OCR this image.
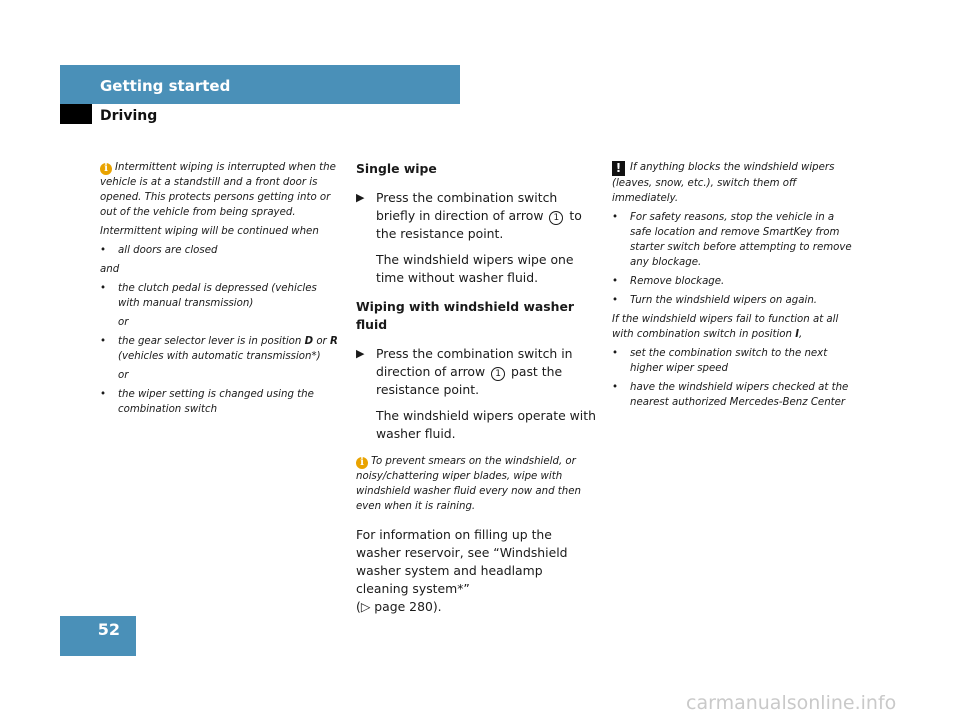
Getting started
Driving

i Intermittent wiping is interrupted when the vehicle is at a standstill and a front door is opened. This protects persons getting into or out of the vehicle from being sprayed.

Intermittent wiping will be continued when

• all doors are closed

and

• the clutch pedal is depressed (vehicles with manual transmission)
or
• the gear selector lever is in position D or R (vehicles with automatic transmission*)
or
• the wiper setting is changed using the combination switch
Single wipe
▶ Press the combination switch briefly in direction of arrow 1 to the resistance point.
The windshield wipers wipe one time without washer fluid.
Wiping with windshield washer fluid
▶ Press the combination switch in direction of arrow 1 past the resistance point.
The windshield wipers operate with washer fluid.
i To prevent smears on the windshield, or noisy/chattering wiper blades, wipe with windshield washer fluid every now and then even when it is raining.

For information on filling up the washer reservoir, see “Windshield washer system and headlamp cleaning system*”
(▷ page 280).

! If anything blocks the windshield wipers (leaves, snow, etc.), switch them off immediately.

• For safety reasons, stop the vehicle in a safe location and remove SmartKey from starter switch before attempting to remove any blockage.
• Remove blockage.
• Turn the windshield wipers on again.

If the windshield wipers fail to function at all with combination switch in position I,

• set the combination switch to the next higher wiper speed
• have the windshield wipers checked at the nearest authorized Mercedes-Benz Center
52
carmanualsonline.info
